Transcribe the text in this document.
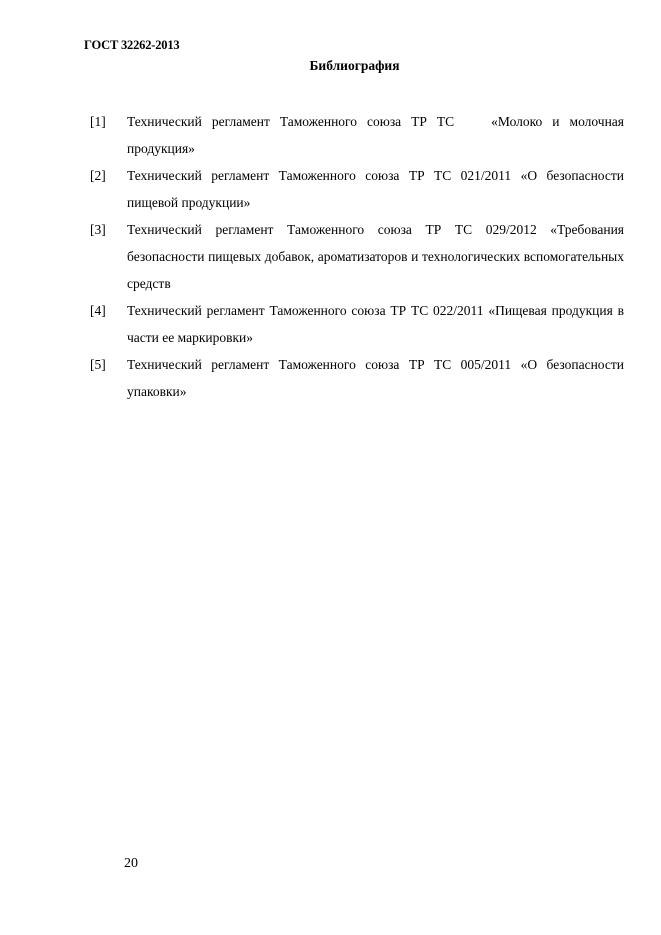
ГОСТ 32262-2013
Библиография
[1] Технический регламент Таможенного союза ТР ТС   «Молоко и молочная продукция»
[2] Технический регламент Таможенного союза ТР ТС 021/2011 «О безопасности пищевой продукции»
[3] Технический регламент Таможенного союза ТР ТС 029/2012 «Требования безопасности пищевых добавок, ароматизаторов и технологических вспомогательных средств
[4] Технический регламент Таможенного союза ТР ТС 022/2011 «Пищевая продукция в части ее маркировки»
[5] Технический регламент Таможенного союза ТР ТС 005/2011 «О безопасности упаковки»
20
